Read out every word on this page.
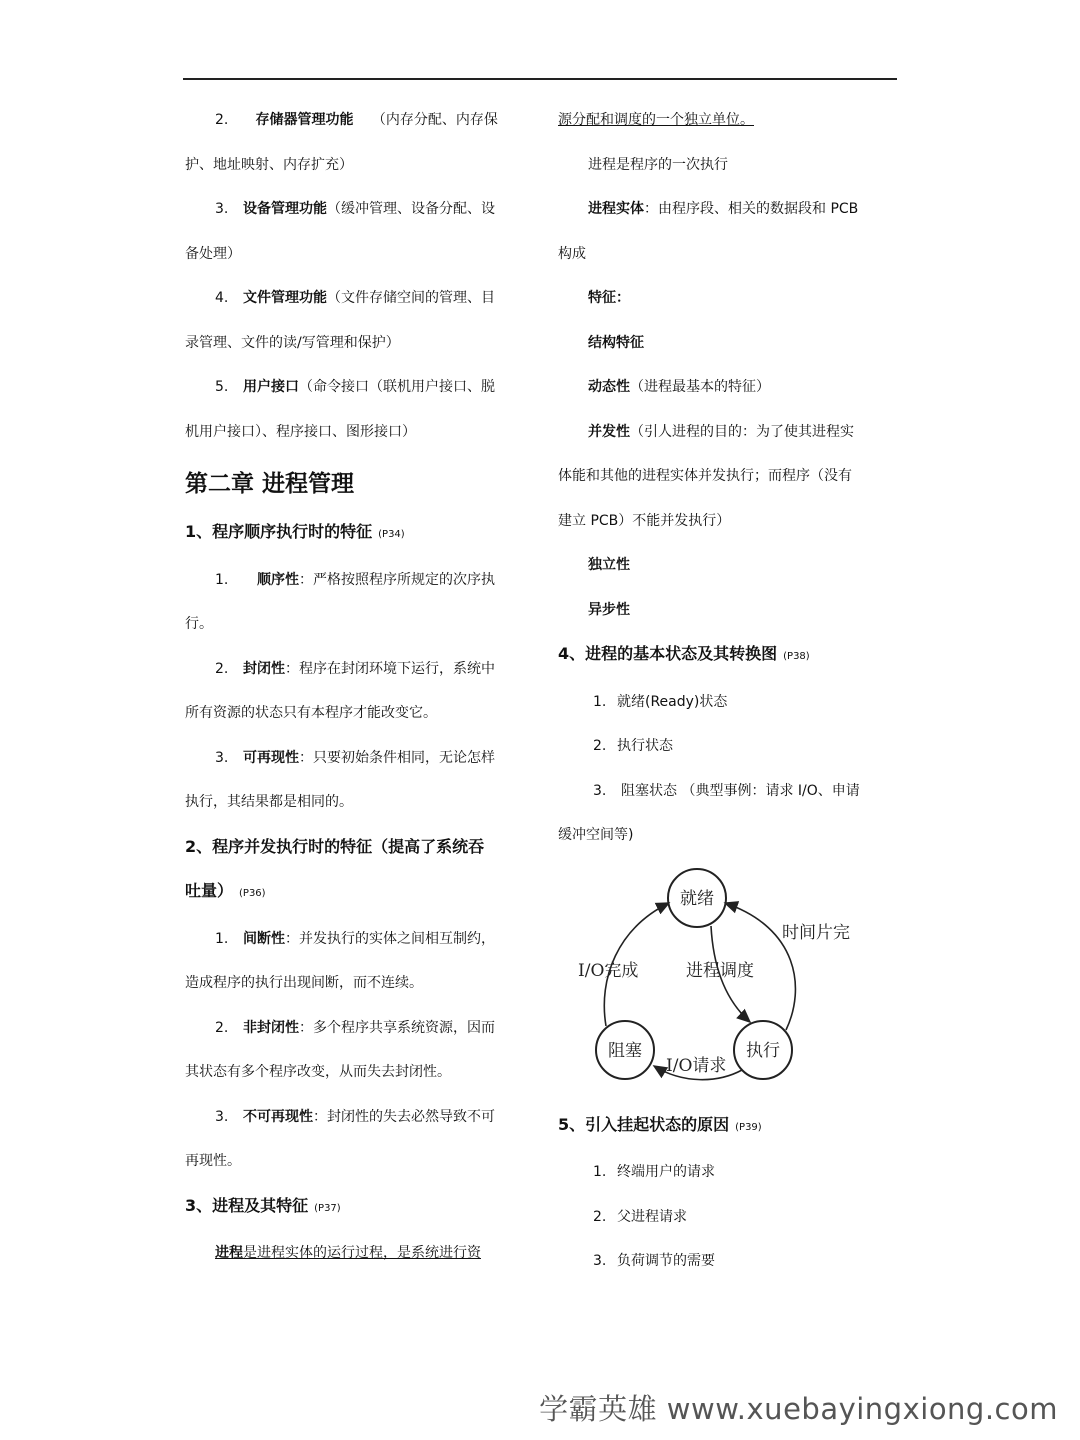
2. 存储器管理功能 （内存分配、内存保

护、地址映射、内存扩充）

3. 设备管理功能（缓冲管理、设备分配、设

备处理）

4. 文件管理功能（文件存储空间的管理、目

录管理、文件的读/写管理和保护）

5. 用户接口（命令接口（联机用户接口、脱

机用户接口）、程序接口、图形接口）

第二章 进程管理

1、程序顺序执行时的特征 (P34)

1. 顺序性：严格按照程序所规定的次序执

行。

2. 封闭性：程序在封闭环境下运行，系统中

所有资源的状态只有本程序才能改变它。

3. 可再现性：只要初始条件相同，无论怎样

执行，其结果都是相同的。

2、程序并发执行时的特征（提高了系统吞

吐量） (P36)

1. 间断性：并发执行的实体之间相互制约，

造成程序的执行出现间断，而不连续。

2. 非封闭性：多个程序共享系统资源，因而

其状态有多个程序改变，从而失去封闭性。

3. 不可再现性：封闭性的失去必然导致不可

再现性。

3、进程及其特征 (P37)

进程是进程实体的运行过程，是系统进行资

源分配和调度的一个独立单位。

进程是程序的一次执行

进程实体：由程序段、相关的数据段和 PCB

构成

特征：

结构特征

动态性（进程最基本的特征）

并发性（引人进程的目的：为了使其进程实

体能和其他的进程实体并发执行；而程序（没有

建立 PCB）不能并发执行）

独立性

异步性

4、进程的基本状态及其转换图 (P38)

1. 就绪(Ready)状态

2. 执行状态

3. 阻塞状态 （典型事例：请求 I/O、申请

缓冲空间等)

就绪
执行
阻塞
时间片完
I/O完成	进程调度
I/O请求

5、引入挂起状态的原因 (P39)

1. 终端用户的请求

2. 父进程请求

3. 负荷调节的需要

学霸英雄 www.xuebayingxiong.com
